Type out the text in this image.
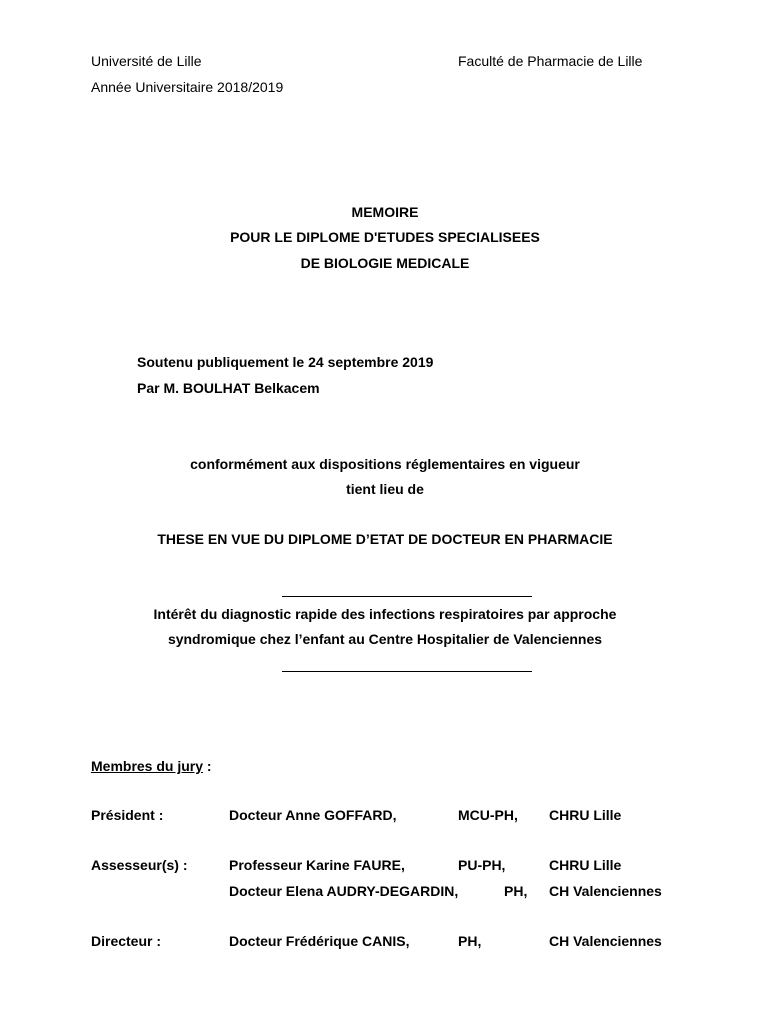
Université de Lille
Année Universitaire 2018/2019
Faculté de Pharmacie de Lille
MEMOIRE
POUR LE DIPLOME D'ETUDES SPECIALISEES
DE BIOLOGIE MEDICALE
Soutenu publiquement le 24 septembre 2019
Par M. BOULHAT Belkacem
conformément aux dispositions réglementaires en vigueur
tient lieu de
THESE EN VUE DU DIPLOME D’ETAT DE DOCTEUR EN PHARMACIE
Intérêt du diagnostic rapide des infections respiratoires par approche
syndromique chez l’enfant au Centre Hospitalier de Valenciennes
Membres du jury :
Président :	Docteur Anne GOFFARD,	MCU-PH, CHRU Lille
Assesseur(s) :	Professeur Karine FAURE,	PU-PH,	CHRU Lille
Docteur Elena AUDRY-DEGARDIN,	PH, CH Valenciennes
Directeur :	Docteur Frédérique CANIS,	PH,	CH Valenciennes
